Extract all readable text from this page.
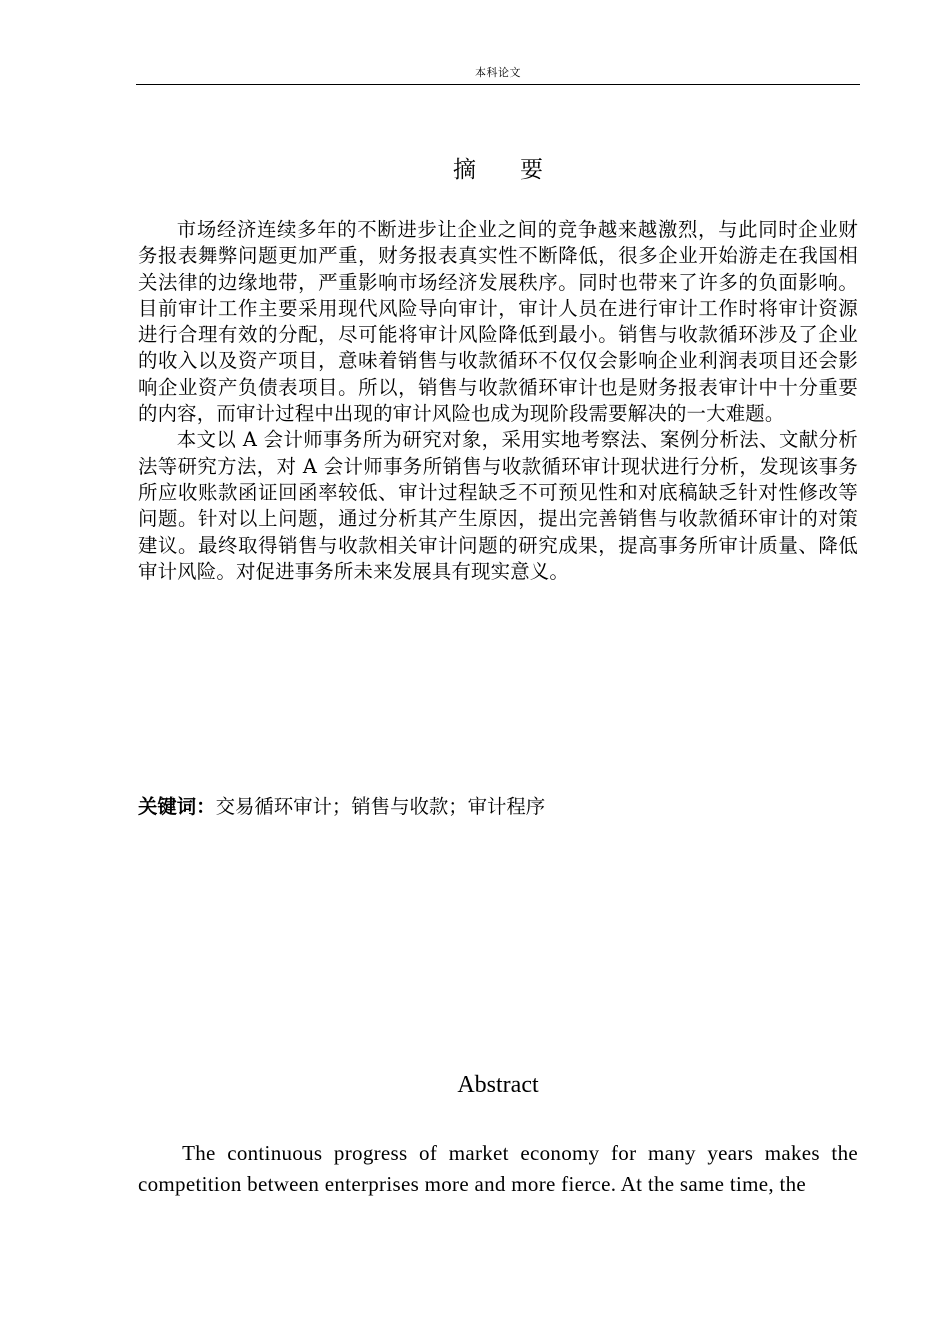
本科论文
摘 要

市场经济连续多年的不断进步让企业之间的竞争越来越激烈，与此同时企业财务报表舞弊问题更加严重，财务报表真实性不断降低，很多企业开始游走在我国相关法律的边缘地带，严重影响市场经济发展秩序。同时也带来了许多的负面影响。目前审计工作主要采用现代风险导向审计，审计人员在进行审计工作时将审计资源进行合理有效的分配，尽可能将审计风险降低到最小。销售与收款循环涉及了企业的收入以及资产项目，意味着销售与收款循环不仅仅会影响企业利润表项目还会影响企业资产负债表项目。所以，销售与收款循环审计也是财务报表审计中十分重要的内容，而审计过程中出现的审计风险也成为现阶段需要解决的一大难题。

本文以 A 会计师事务所为研究对象，采用实地考察法、案例分析法、文献分析法等研究方法，对 A 会计师事务所销售与收款循环审计现状进行分析，发现该事务所应收账款函证回函率较低、审计过程缺乏不可预见性和对底稿缺乏针对性修改等问题。针对以上问题，通过分析其产生原因，提出完善销售与收款循环审计的对策建议。最终取得销售与收款相关审计问题的研究成果，提高事务所审计质量、降低审计风险。对促进事务所未来发展具有现实意义。

关键词：交易循环审计；销售与收款；审计程序
Abstract

The continuous progress of market economy for many years makes the competition between enterprises more and more fierce. At the same time, the
